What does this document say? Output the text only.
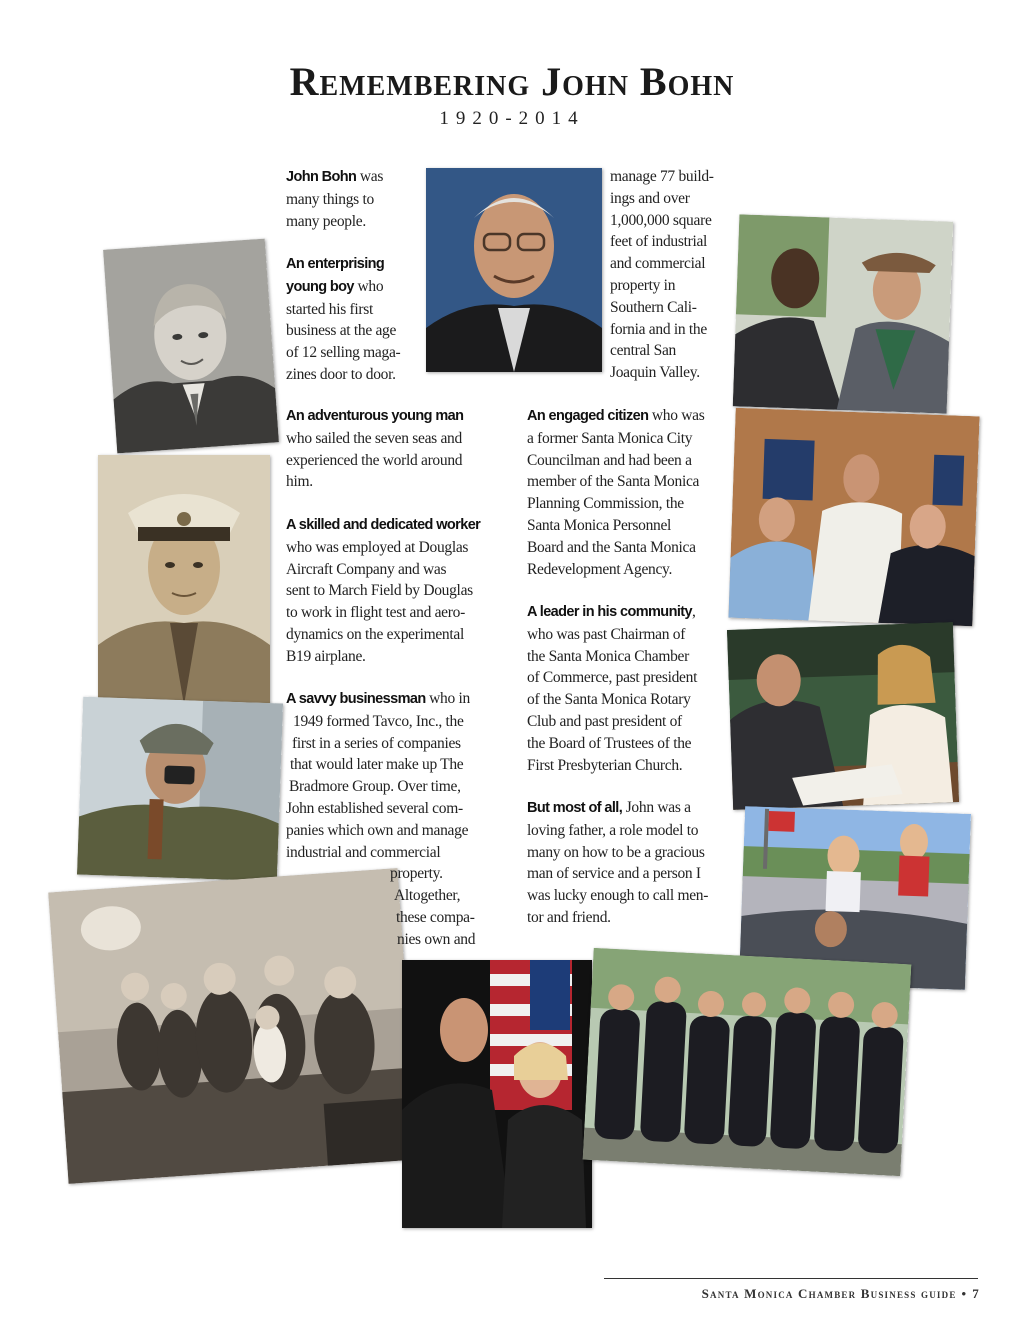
Remembering John Bohn
1920-2014
John Bohn was
many things to
many people.
An enterprising
young boy who
started his first
business at the age
of 12 selling maga-
zines door to door.
An adventurous young man
who sailed the seven seas and
experienced the world around
him.
A skilled and dedicated worker
who was employed at Douglas
Aircraft Company and was
sent to March Field by Douglas
to work in flight test and aero-
dynamics on the experimental
B19 airplane.
A savvy businessman who in
1949 formed Tavco, Inc., the
first in a series of companies
that would later make up The
Bradmore Group. Over time,
John established several com-
panies which own and manage
industrial and commercial
property.
Altogether,
these compa-
nies own and
manage 77 build-
ings and over
1,000,000 square
feet of industrial
and commercial
property in
Southern Cali-
fornia and in the
central San
Joaquin Valley.
An engaged citizen who was
a former Santa Monica City
Councilman and had been a
member of the Santa Monica
Planning Commission, the
Santa Monica Personnel
Board and the Santa Monica
Redevelopment Agency.
A leader in his community,
who was past Chairman of
the Santa Monica Chamber
of Commerce, past president
of the Santa Monica Rotary
Club and past president of
the Board of Trustees of the
First Presbyterian Church.
But most of all, John was a
loving father, a role model to
many on how to be a gracious
man of service and a person I
was lucky enough to call men-
tor and friend.
Santa Monica Chamber Business guide • 7
